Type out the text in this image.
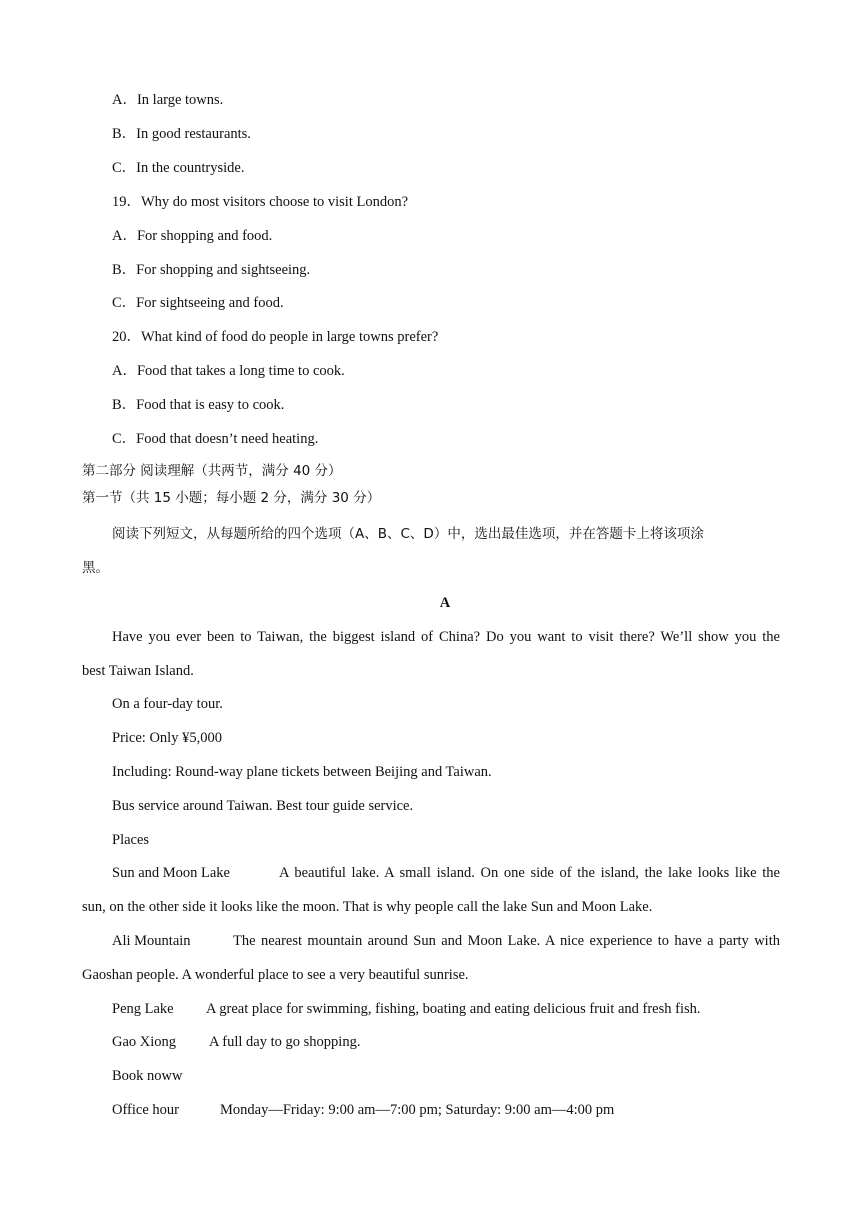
A．In large towns.
B．In good restaurants.
C．In the countryside.
19．Why do most visitors choose to visit London?
A．For shopping and food.
B．For shopping and sightseeing.
C．For sightseeing and food.
20．What kind of food do people in large towns prefer?
A．Food that takes a long time to cook.
B．Food that is easy to cook.
C．Food that doesn’t need heating.
第二部分 阅读理解（共两节，满分 40 分）
第一节（共 15 小题；每小题 2 分，满分 30 分）
阅读下列短文，从每题所给的四个选项（A、B、C、D）中，选出最佳选项，并在答题卡上将该项涂
黑。
A
Have you ever been to Taiwan, the biggest island of China? Do you want to visit there? We’ll show you the
best Taiwan Island.
On a four-day tour.
Price: Only ¥5,000
Including: Round-way plane tickets between Beijing and Taiwan.
Bus service around Taiwan. Best tour guide service.
Places
Sun and Moon Lake	A beautiful lake. A small island. On one side of the island, the lake looks like the
sun, on the other side it looks like the moon. That is why people call the lake Sun and Moon Lake.
Ali Mountain	The nearest mountain around Sun and Moon Lake. A nice experience to have a party with
Gaoshan people. A wonderful place to see a very beautiful sunrise.
Peng Lake A great place for swimming, fishing, boating and eating delicious fruit and fresh fish.
Gao Xiong A full day to go shopping.
Book noww
Office hour	Monday—Friday: 9:00 am—7:00 pm; Saturday: 9:00 am—4:00 pm
